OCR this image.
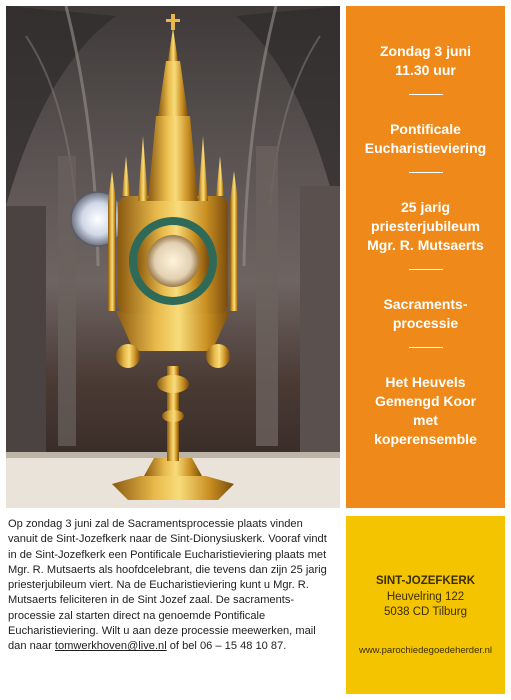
Zondag 3 juni
11.30 uur
Pontificale
Eucharistieviering
25 jarig
priesterjubileum
Mgr. R. Mutsaerts
Sacraments-
processie
Het Heuvels
Gemengd Koor
met
koperensemble
Op zondag 3 juni zal de Sacramentsprocessie plaats vinden
vanuit de Sint-Jozefkerk naar de Sint-Dionysiuskerk. Vooraf vindt
in de Sint-Jozefkerk een Pontificale Eucharistieviering plaats met
Mgr. R. Mutsaerts als hoofdcelebrant, die tevens dan zijn 25 jarig
priesterjubileum viert. Na de Eucharistieviering kunt u Mgr. R.
Mutsaerts feliciteren in de Sint Jozef zaal. De sacraments-
processie zal starten direct na genoemde Pontificale
Eucharistieviering. Wilt u aan deze processie meewerken, mail
dan naar tomwerkhoven@live.nl of bel 06 – 15 48 10 87.
SINT-JOZEFKERK
Heuvelring 122
5038 CD Tilburg
www.parochiedegoedeherder.nl
